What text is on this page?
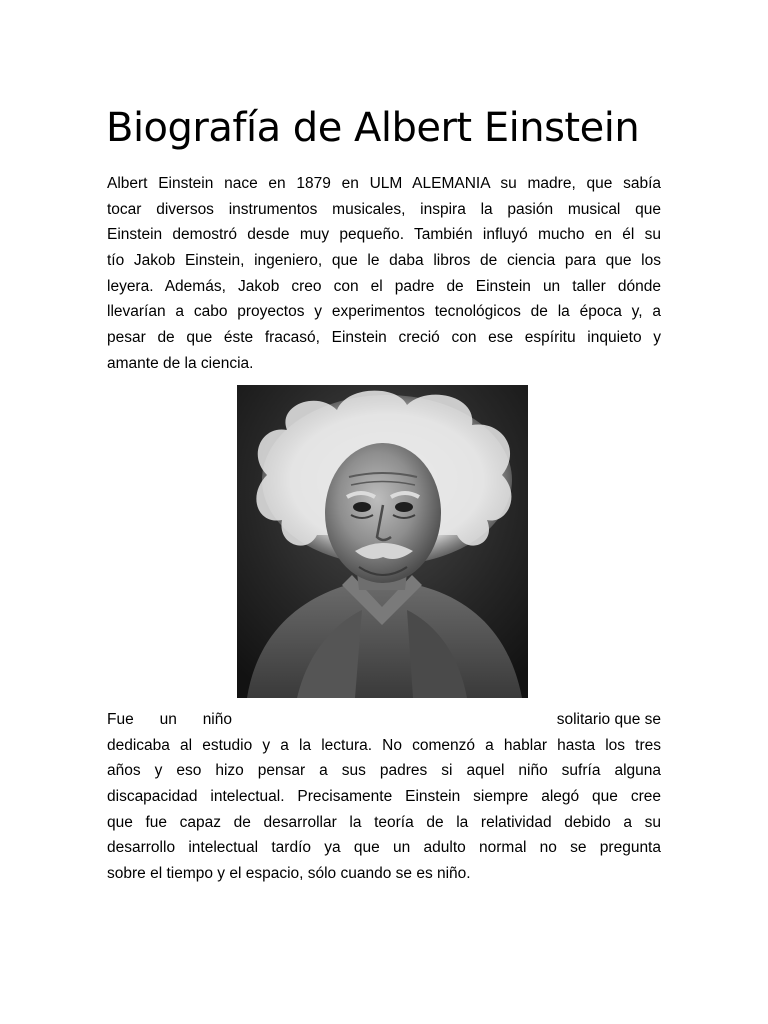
Biografía de Albert Einstein
Albert Einstein nace en 1879 en ULM ALEMANIA su madre, que sabía
tocar diversos instrumentos musicales, inspira la pasión musical que
Einstein demostró desde muy pequeño. También influyó mucho en él su
tío Jakob Einstein, ingeniero, que le daba libros de ciencia para que los
leyera. Además, Jakob creo con el padre de Einstein un taller dónde
llevarían a cabo proyectos y experimentos tecnológicos de la época y, a
pesar de que éste fracasó, Einstein creció con ese espíritu inquieto y
amante de la ciencia.
Fue un niño	solitario que se
dedicaba al estudio y a la lectura. No comenzó a hablar hasta los tres
años y eso hizo pensar a sus padres si aquel niño sufría alguna
discapacidad intelectual. Precisamente Einstein siempre alegó que cree
que fue capaz de desarrollar la teoría de la relatividad debido a su
desarrollo intelectual tardío ya que un adulto normal no se pregunta
sobre el tiempo y el espacio, sólo cuando se es niño.
